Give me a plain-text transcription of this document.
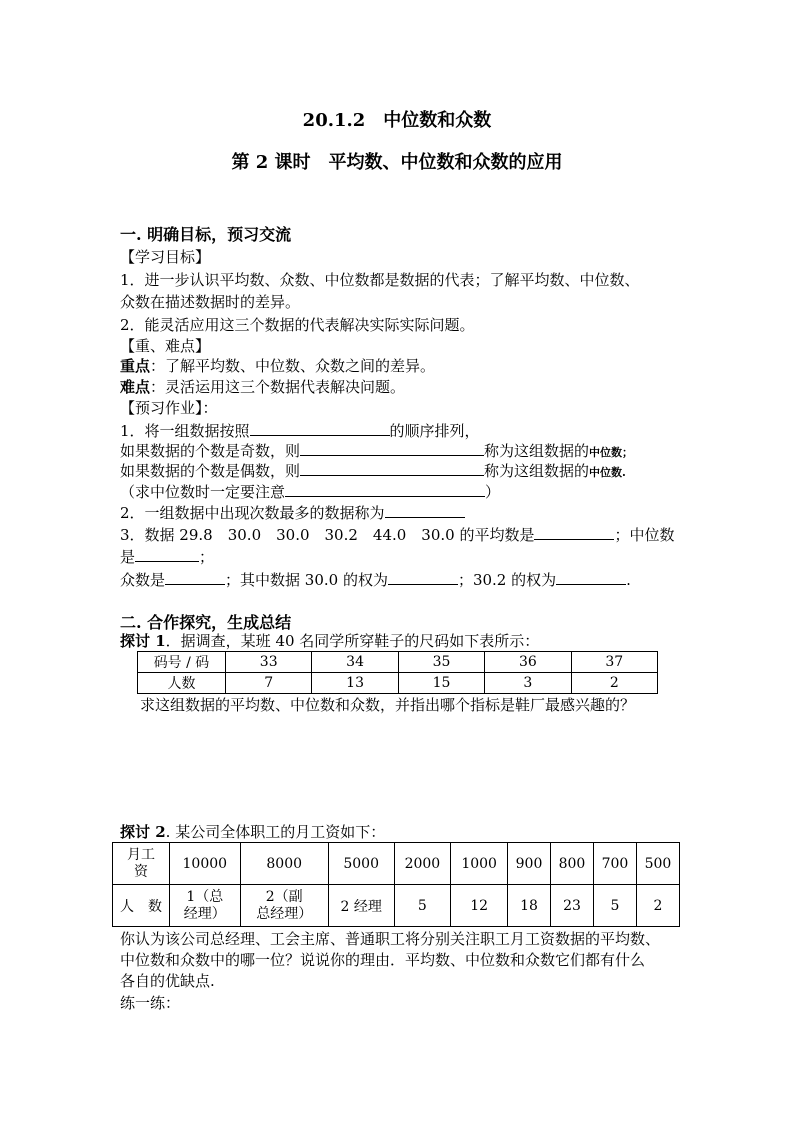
20.1.2　中位数和众数
第 2 课时　平均数、中位数和众数的应用
一. 明确目标，预习交流
【学习目标】
1．进一步认识平均数、众数、中位数都是数据的代表；了解平均数、中位数、
众数在描述数据时的差异。
2．能灵活应用这三个数据的代表解决实际实际问题。
【重、难点】
重点：了解平均数、中位数、众数之间的差异。
难点：灵活运用这三个数据代表解决问题。
【预习作业】：
1．将一组数据按照	的顺序排列，
如果数据的个数是奇数，则	称为这组数据的中位数；
如果数据的个数是偶数，则	称为这组数据的中位数.
（求中位数时一定要注意	）
2．一组数据中出现次数最多的数据称为
3．数据 29.8　30.0　30.0　30.2　44.0　30.0 的平均数是	；中位数
是	；
众数是	；其中数据 30.0 的权为	；30.2 的权为	.
二. 合作探究，生成总结
探讨 1．据调查，某班 40 名同学所穿鞋子的尺码如下表所示：
码号 / 码	33	34	35	36	37
人数	7	13	15	3	2
求这组数据的平均数、中位数和众数，并指出哪个指标是鞋厂最感兴趣的？
探讨 2. 某公司全体职工的月工资如下：
月工
资	10000	8000	5000	2000	1000	900	800	700	500
人　数	1（总
经理）	2（副
总经理）	2 经理	5	12	18	23	5	2
你认为该公司总经理、工会主席、普通职工将分别关注职工月工资数据的平均数、
中位数和众数中的哪一位？说说你的理由．平均数、中位数和众数它们都有什么
各自的优缺点.
练一练：
